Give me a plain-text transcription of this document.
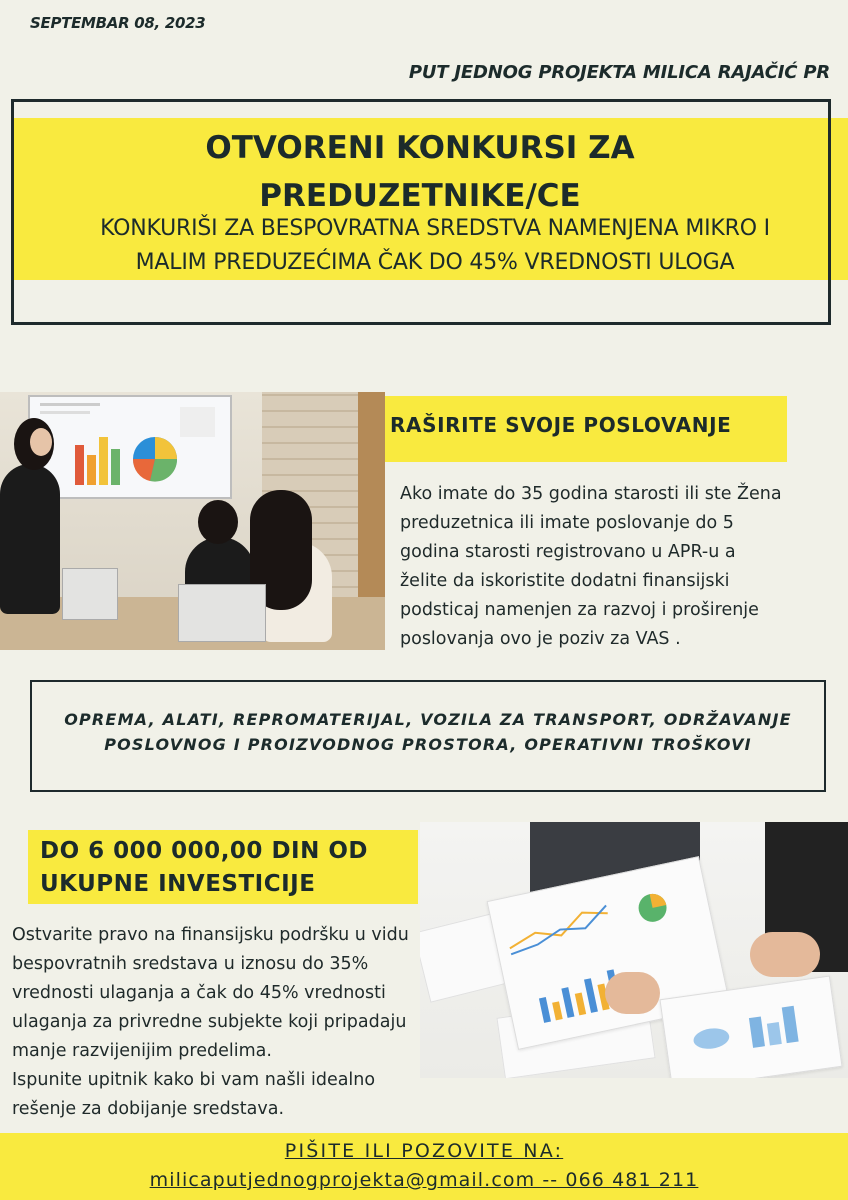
SEPTEMBAR 08, 2023
PUT JEDNOG PROJEKTA MILICA RAJAČIĆ PR
OTVORENI KONKURSI ZA
PREDUZETNIKE/CE
KONKURIŠI ZA BESPOVRATNA SREDSTVA NAMENJENA MIKRO I
MALIM PREDUZEĆIMA ČAK DO 45% VREDNOSTI ULOGA
RAŠIRITE SVOJE POSLOVANJE
Ako imate do 35 godina starosti ili ste Žena
preduzetnica ili imate poslovanje do 5
godina starosti registrovano u APR-u a
želite da iskoristite dodatni finansijski
podsticaj namenjen za razvoj i proširenje
poslovanja ovo je poziv za VAS .
OPREMA, ALATI, REPROMATERIJAL, VOZILA ZA TRANSPORT, ODRŽAVANJE
POSLOVNOG I PROIZVODNOG PROSTORA, OPERATIVNI TROŠKOVI
DO 6 000 000,00 DIN OD
UKUPNE INVESTICIJE
Ostvarite pravo na finansijsku podršku u vidu
bespovratnih sredstava u iznosu do 35%
vrednosti ulaganja a čak do 45% vrednosti
ulaganja za privredne subjekte koji pripadaju
manje razvijenijim predelima.
Ispunite upitnik kako bi vam našli idealno
rešenje za dobijanje sredstava.
PIŠITE ILI POZOVITE NA:
milicaputjednogprojekta@gmail.com -- 066 481 211
